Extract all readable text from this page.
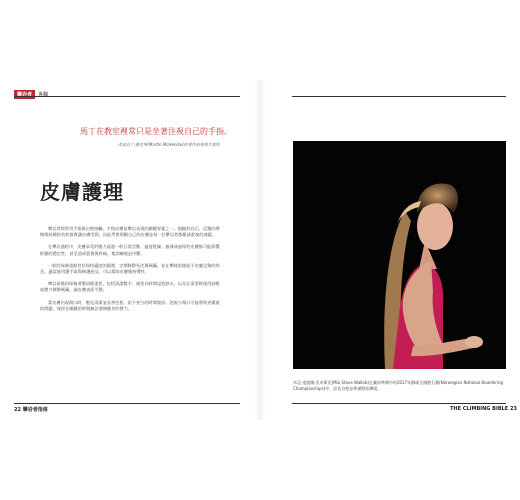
攀岩者	專欄
馬丁在教室裡常只是坐著注視自己的手指。
改造自丁·薩克斯(Martin McHenize)的著作寫真照片說明
皮膚護理

攀岩者經常用手指與岩壁接觸，手指皮膚是攀岩表現的關鍵要素之一。粗糙的岩石、反覆的摩擦與持續的負荷都會讓皮膚受損，因此學會照顧自己的皮膚是每一位攀岩者都應該重視的課題。

在攀岩過程中，皮膚承受的壓力遠超一般日常活動。過度乾燥、過薄或過厚的皮膚都可能影響抓握的穩定性，甚至造成裂傷與疼痛，使訓練被迫中斷。

一般的保養重點包括保持適度的濕潤、定期修整死皮與硬繭，並在攀爬前後給予皮膚足夠的休息。適當使用護手霜與修護產品，可以幫助皮膚維持彈性。

攀岩前後的保養習慣同樣重要，包括清潔雙手、避免長時間浸泡熱水，以及在需要時使用砂紙或銼刀修整硬繭，讓皮膚表面平整。

當皮膚出現傷口時，應先清潔並妥善包紮，給予充分的時間復原。忽視小傷口可能導致更嚴重的問題，使你在關鍵的時刻無法發揮應有的實力。

米亞·達凱爾·沃卓斯克(Mia Stave Walleb)在賽前準備中的2017年挪威全國抱石賽(Norwegian National Bouldering Championships)中，詳估岩壁並準備開始攀爬。
22 攀岩者指南	THE CLIMBING BIBLE 23
